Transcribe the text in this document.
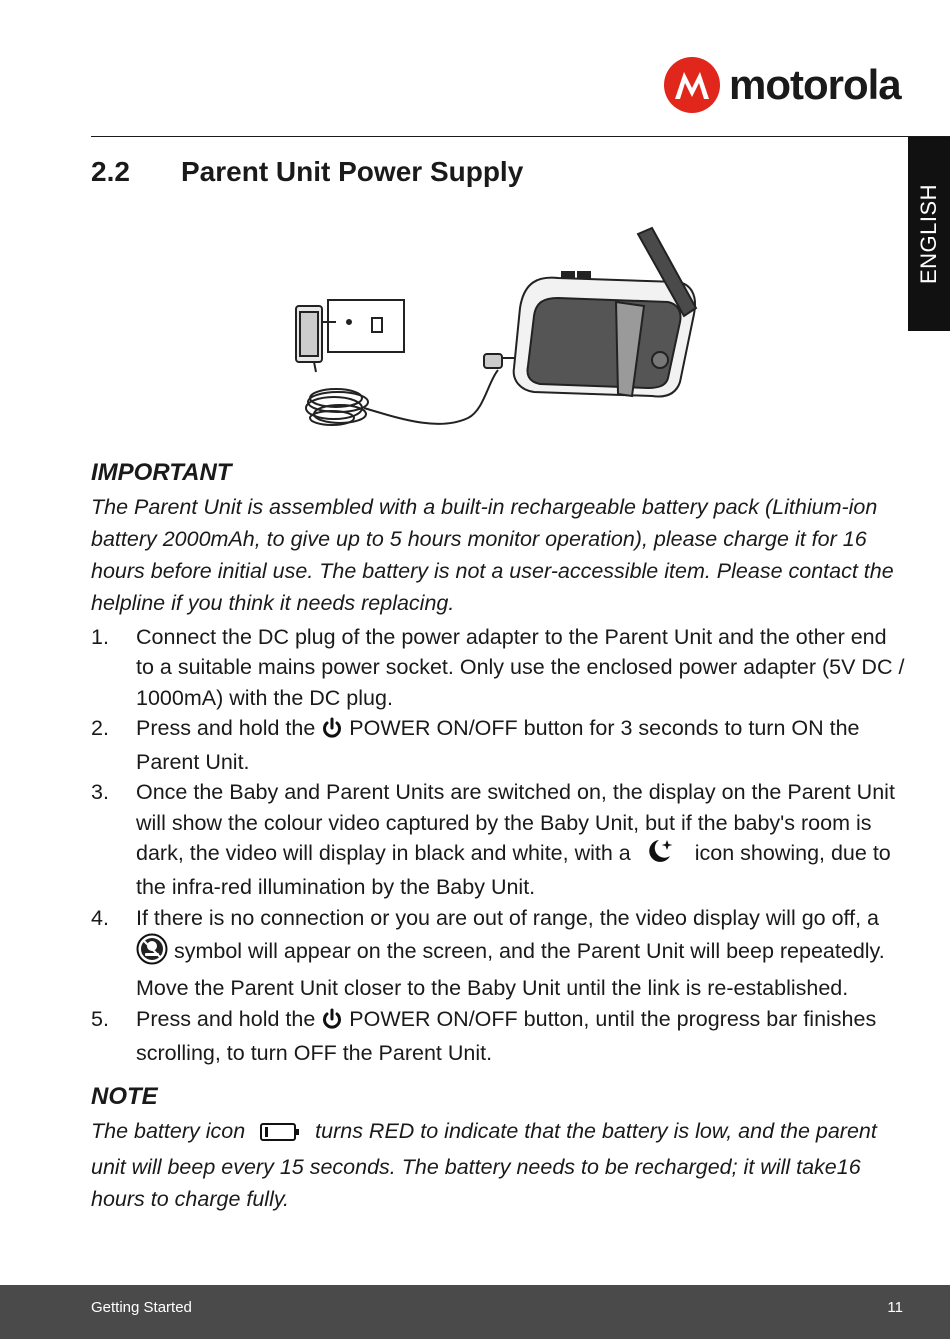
motorola
ENGLISH
2.2	Parent Unit Power Supply
IMPORTANT
The Parent Unit is assembled with a built-in rechargeable battery pack (Lithium-ion battery 2000mAh, to give up to 5 hours monitor operation), please charge it for 16 hours before initial use. The battery is not a user-accessible item. Please contact the helpline if you think it needs replacing.
1. Connect the DC plug of the power adapter to the Parent Unit and the other end to a suitable mains power socket. Only use the enclosed power adapter (5V DC / 1000mA) with the DC plug.
2. Press and hold the POWER ON/OFF button for 3 seconds to turn ON the Parent Unit.
3. Once the Baby and Parent Units are switched on, the display on the Parent Unit will show the colour video captured by the Baby Unit, but if the baby's room is dark, the video will display in black and white, with a	icon showing, due to the infra-red illumination by the Baby Unit.
4. If there is no connection or you are out of range, the video display will go off, a  symbol will appear on the screen, and the Parent Unit will beep repeatedly. Move the Parent Unit closer to the Baby Unit until the link is re-established.
5. Press and hold the POWER ON/OFF button, until the progress bar finishes scrolling, to turn OFF the Parent Unit.
NOTE
The battery icon	turns RED to indicate that the battery is low, and the parent unit will beep every 15 seconds. The battery needs to be recharged; it will take16 hours to charge fully.
Getting Started	11
